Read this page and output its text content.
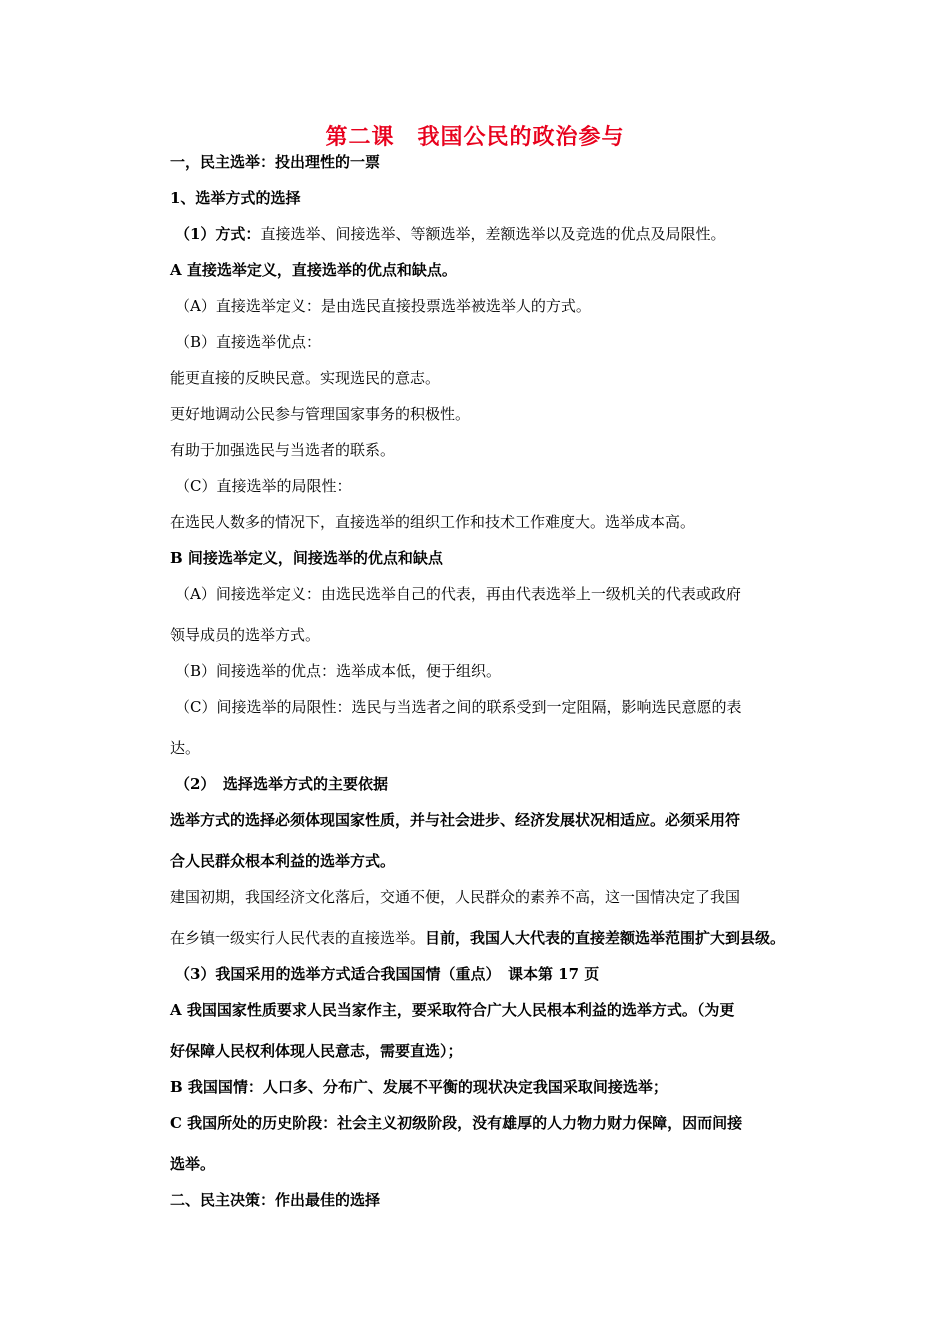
第二课　我国公民的政治参与
一，民主选举：投出理性的一票
1、选举方式的选择
（1）方式：直接选举、间接选举、等额选举，差额选举以及竞选的优点及局限性。
A 直接选举定义，直接选举的优点和缺点。
（A）直接选举定义：是由选民直接投票选举被选举人的方式。
（B）直接选举优点：
能更直接的反映民意。实现选民的意志。
更好地调动公民参与管理国家事务的积极性。
有助于加强选民与当选者的联系。
（C）直接选举的局限性：
在选民人数多的情况下，直接选举的组织工作和技术工作难度大。选举成本高。
B 间接选举定义，间接选举的优点和缺点
（A）间接选举定义：由选民选举自己的代表，再由代表选举上一级机关的代表或政府
领导成员的选举方式。
（B）间接选举的优点：选举成本低，便于组织。
（C）间接选举的局限性：选民与当选者之间的联系受到一定阻隔，影响选民意愿的表
达。
（2）　选择选举方式的主要依据
选举方式的选择必须体现国家性质，并与社会进步、经济发展状况相适应。必须采用符
合人民群众根本利益的选举方式。
建国初期，我国经济文化落后，交通不便，人民群众的素养不高，这一国情决定了我国
在乡镇一级实行人民代表的直接选举。目前，我国人大代表的直接差额选举范围扩大到县级。
（3）我国采用的选举方式适合我国国情（重点）　课本第 17 页
A 我国国家性质要求人民当家作主，要采取符合广大人民根本利益的选举方式。（为更
好保障人民权利体现人民意志，需要直选）；
B 我国国情：人口多、分布广、发展不平衡的现状决定我国采取间接选举；
C 我国所处的历史阶段：社会主义初级阶段，没有雄厚的人力物力财力保障，因而间接
选举。
二、民主决策：作出最佳的选择
